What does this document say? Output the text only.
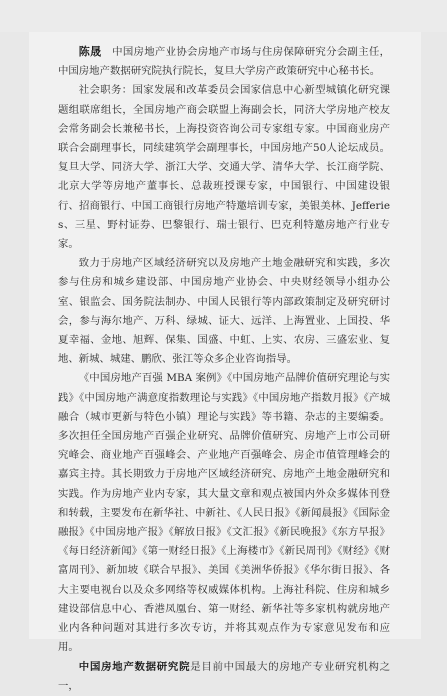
陈晟　 中国房地产业协会房地产市场与住房保障研究分会副主任，中国房地产数据研究院执行院长，复旦大学房产政策研究中心秘书长。

社会职务：国家发展和改革委员会国家信息中心新型城镇化研究课题组联席组长，全国房地产商会联盟上海副会长，同济大学房地产校友会常务副会长兼秘书长，上海投资咨询公司专家组专家。中国商业房产联合会副理事长，同续建筑学会副理事长，中国房地产50人论坛成员。复旦大学、同济大学、浙江大学、交通大学、清华大学、长江商学院、北京大学等房地产董事长、总裁班授课专家，中国银行、中国建设银行、招商银行、中国工商银行房地产特邀培训专家，美银美林、Jefferies、三星、野村证券、巴黎银行、瑞士银行、巴克利特邀房地产行业专家。

致力于房地产区域经济研究以及房地产土地金融研究和实践，多次参与住房和城乡建设部、中国房地产业协会、中央财经领导小组办公室、银监会、国务院法制办、中国人民银行等内部政策制定及研究研讨会，参与海尔地产、万科、绿城、证大、远洋、上海置业、上国投、华夏幸福、金地、旭辉、保集、国盛、中虹、上实、农房、三盛宏业、复地、新城、城建、鹏欣、张江等众多企业咨询指导。

《中国房地产百强 MBA 案例》《中国房地产品牌价值研究理论与实践》《中国房地产满意度指数理论与实践》《中国房地产指数月报》《产城融合（城市更新与特色小镇）理论与实践》等书籍、杂志的主要编委。多次担任全国房地产百强企业研究、品牌价值研究、房地产上市公司研究峰会、商业地产百强峰会、产业地产百强峰会、房企市值管理峰会的嘉宾主持。其长期致力于房地产区域经济研究、房地产土地金融研究和实践。作为房地产业内专家，其大量文章和观点被国内外众多媒体刊登和转载，主要发布在新华社、中新社、《人民日报》《新闻晨报》《国际金融报》《中国房地产报》《解放日报》《文汇报》《新民晚报》《东方早报》《每日经济新闻》《第一财经日报》《上海楼市》《新民周刊》《财经》《财富周刊》、新加坡《联合早报》、美国《美洲华侨报》《华尔街日报》、各大主要电视台以及众多网络等权威媒体机构。上海社科院、住房和城乡建设部信息中心、香港凤凰台、第一财经、新华社等多家机构就房地产业内各种问题对其进行多次专访，并将其观点作为专家意见发布和应用。

中国房地产数据研究院是目前中国最大的房地产专业研究机构之一，
